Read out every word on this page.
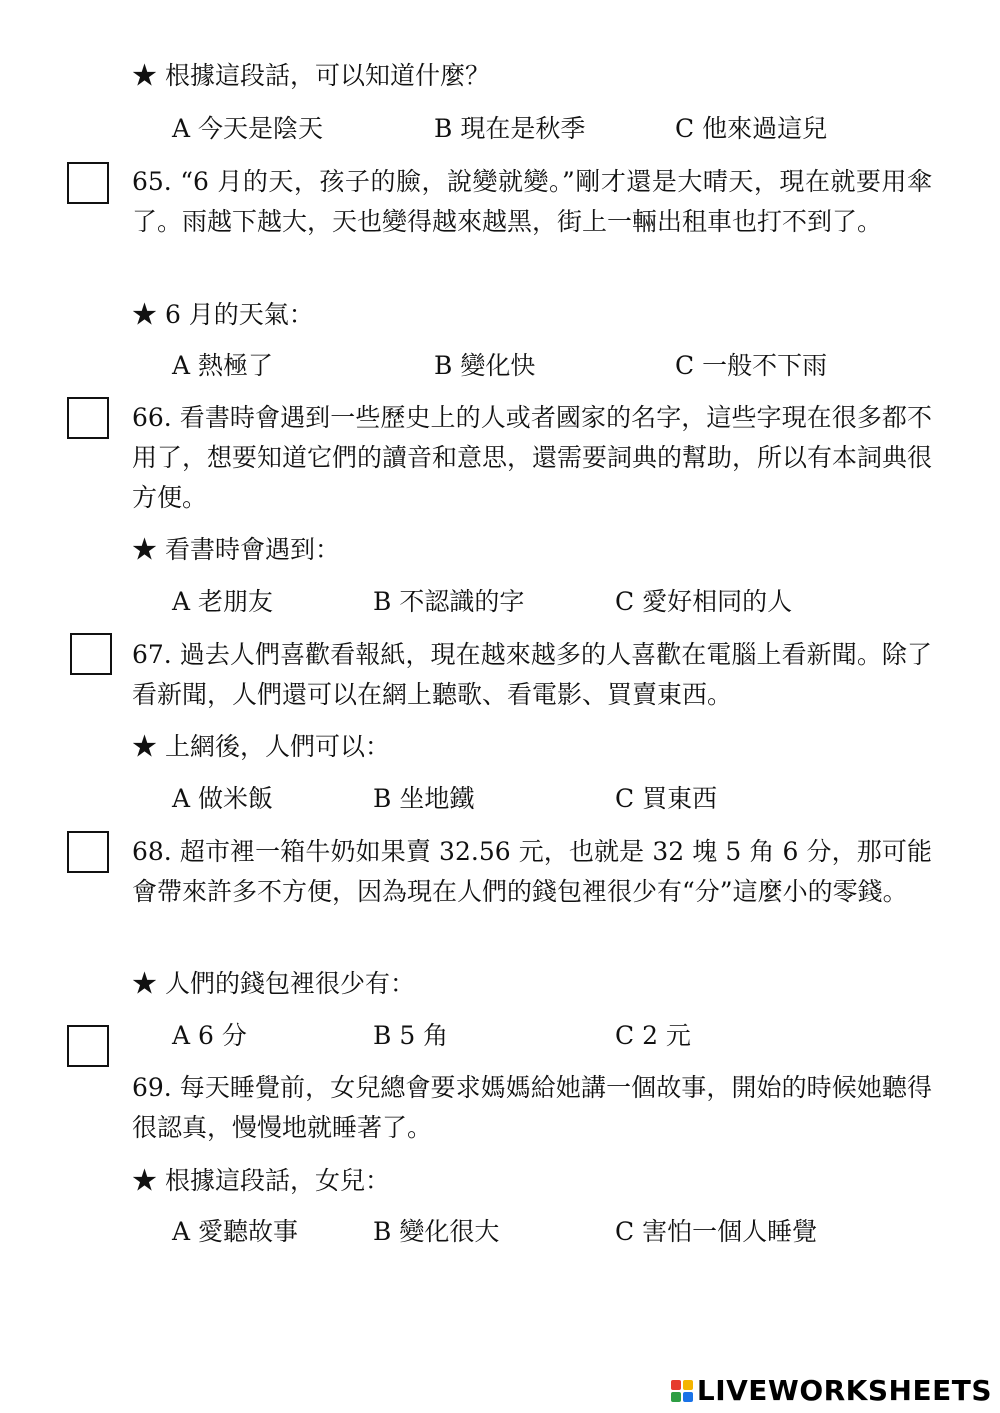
★ 根據這段話，可以知道什麼？
A 今天是陰天	B 現在是秋季	C 他來過這兒
65. “6 月的天，孩子的臉，說變就變。”剛才還是大晴天，現在就要用傘了。雨越下越大，天也變得越來越黑，街上一輛出租車也打不到了。
★ 6 月的天氣：
A 熱極了	B 變化快	C 一般不下雨
66. 看書時會遇到一些歷史上的人或者國家的名字，這些字現在很多都不用了，想要知道它們的讀音和意思，還需要詞典的幫助，所以有本詞典很方便。
★ 看書時會遇到：
A 老朋友	B 不認識的字	C 愛好相同的人
67. 過去人們喜歡看報紙，現在越來越多的人喜歡在電腦上看新聞。除了看新聞，人們還可以在網上聽歌、看電影、買賣東西。
★ 上網後，人們可以：
A 做米飯	B 坐地鐵	C 買東西
68. 超市裡一箱牛奶如果賣 32.56 元，也就是 32 塊 5 角 6 分，那可能會帶來許多不方便，因為現在人們的錢包裡很少有“分”這麼小的零錢。
★ 人們的錢包裡很少有：
A 6 分	B 5 角	C 2 元
69. 每天睡覺前，女兒總會要求媽媽給她講一個故事，開始的時候她聽得很認真，慢慢地就睡著了。
★ 根據這段話，女兒：
A 愛聽故事	B 變化很大	C 害怕一個人睡覺
LIVEWORKSHEETS
